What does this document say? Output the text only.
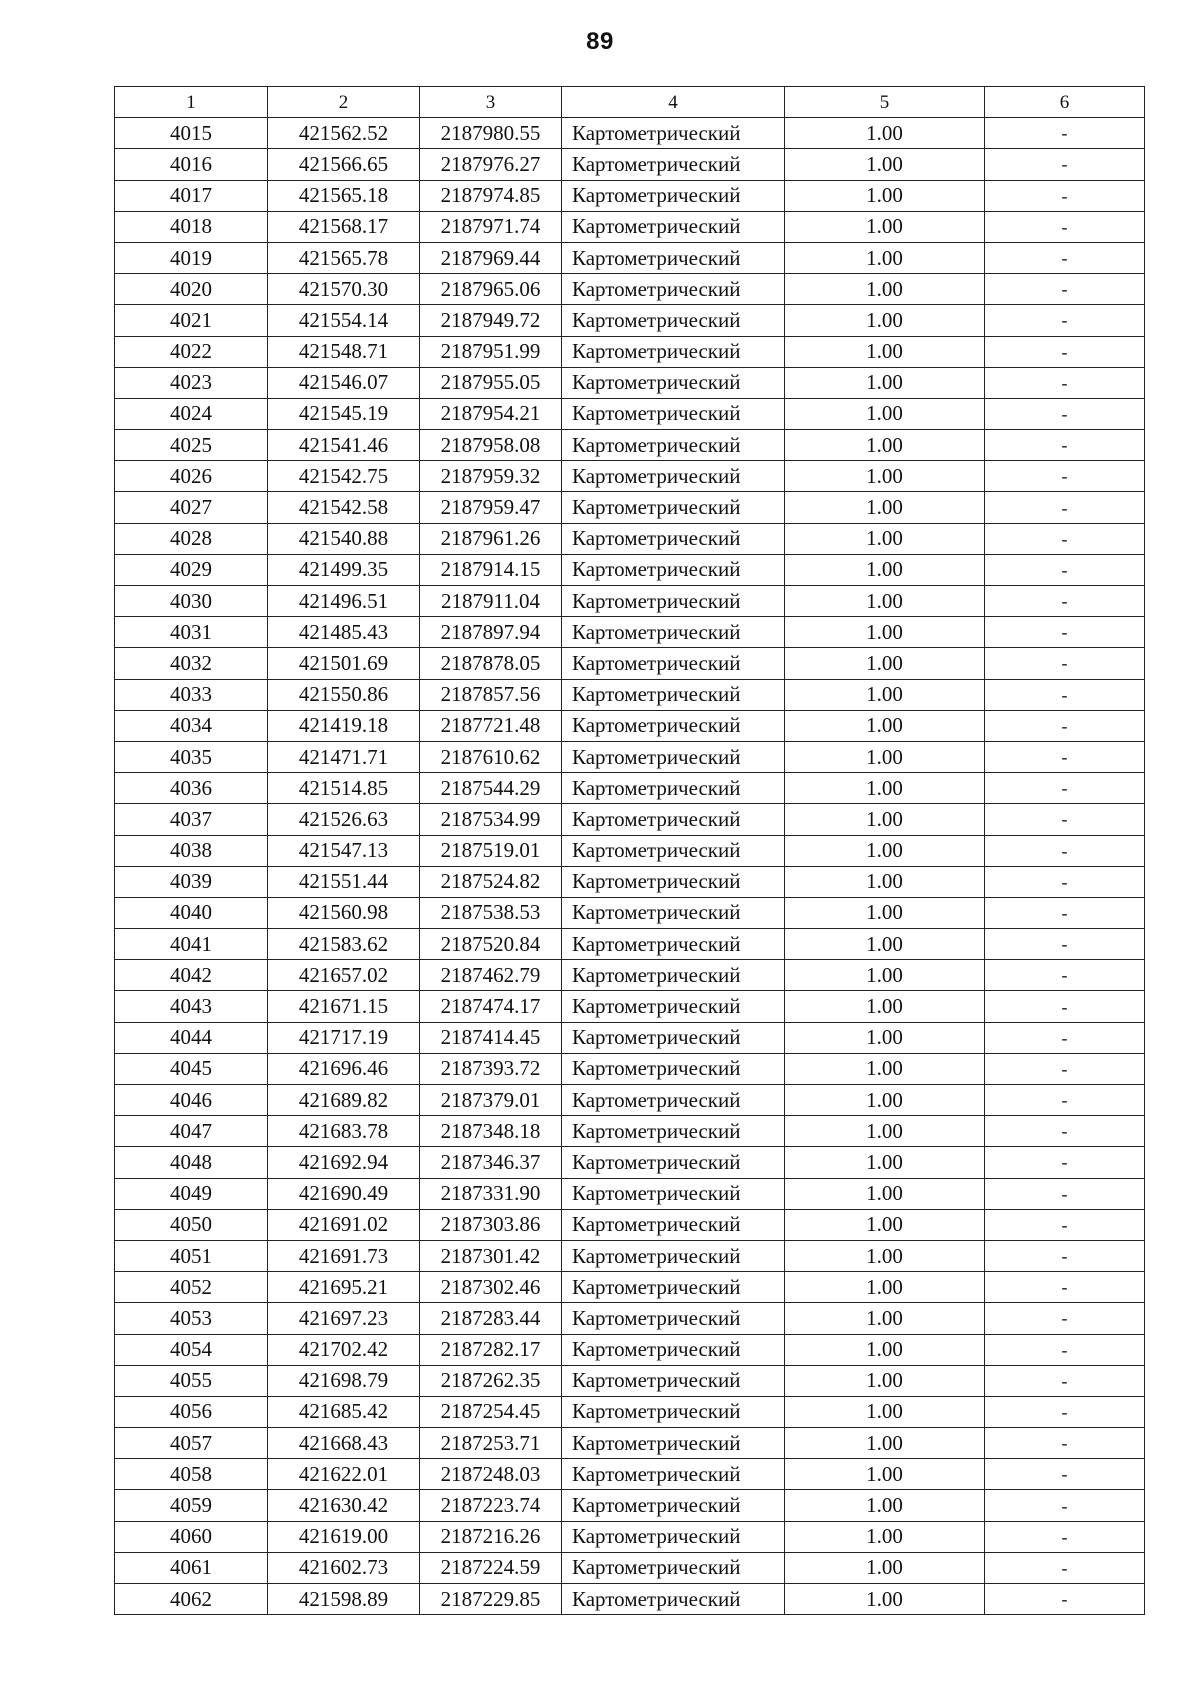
89
1	2	3	4	5	6
4015	421562.52	2187980.55	Картометрический	1.00	-
4016	421566.65	2187976.27	Картометрический	1.00	-
4017	421565.18	2187974.85	Картометрический	1.00	-
4018	421568.17	2187971.74	Картометрический	1.00	-
4019	421565.78	2187969.44	Картометрический	1.00	-
4020	421570.30	2187965.06	Картометрический	1.00	-
4021	421554.14	2187949.72	Картометрический	1.00	-
4022	421548.71	2187951.99	Картометрический	1.00	-
4023	421546.07	2187955.05	Картометрический	1.00	-
4024	421545.19	2187954.21	Картометрический	1.00	-
4025	421541.46	2187958.08	Картометрический	1.00	-
4026	421542.75	2187959.32	Картометрический	1.00	-
4027	421542.58	2187959.47	Картометрический	1.00	-
4028	421540.88	2187961.26	Картометрический	1.00	-
4029	421499.35	2187914.15	Картометрический	1.00	-
4030	421496.51	2187911.04	Картометрический	1.00	-
4031	421485.43	2187897.94	Картометрический	1.00	-
4032	421501.69	2187878.05	Картометрический	1.00	-
4033	421550.86	2187857.56	Картометрический	1.00	-
4034	421419.18	2187721.48	Картометрический	1.00	-
4035	421471.71	2187610.62	Картометрический	1.00	-
4036	421514.85	2187544.29	Картометрический	1.00	-
4037	421526.63	2187534.99	Картометрический	1.00	-
4038	421547.13	2187519.01	Картометрический	1.00	-
4039	421551.44	2187524.82	Картометрический	1.00	-
4040	421560.98	2187538.53	Картометрический	1.00	-
4041	421583.62	2187520.84	Картометрический	1.00	-
4042	421657.02	2187462.79	Картометрический	1.00	-
4043	421671.15	2187474.17	Картометрический	1.00	-
4044	421717.19	2187414.45	Картометрический	1.00	-
4045	421696.46	2187393.72	Картометрический	1.00	-
4046	421689.82	2187379.01	Картометрический	1.00	-
4047	421683.78	2187348.18	Картометрический	1.00	-
4048	421692.94	2187346.37	Картометрический	1.00	-
4049	421690.49	2187331.90	Картометрический	1.00	-
4050	421691.02	2187303.86	Картометрический	1.00	-
4051	421691.73	2187301.42	Картометрический	1.00	-
4052	421695.21	2187302.46	Картометрический	1.00	-
4053	421697.23	2187283.44	Картометрический	1.00	-
4054	421702.42	2187282.17	Картометрический	1.00	-
4055	421698.79	2187262.35	Картометрический	1.00	-
4056	421685.42	2187254.45	Картометрический	1.00	-
4057	421668.43	2187253.71	Картометрический	1.00	-
4058	421622.01	2187248.03	Картометрический	1.00	-
4059	421630.42	2187223.74	Картометрический	1.00	-
4060	421619.00	2187216.26	Картометрический	1.00	-
4061	421602.73	2187224.59	Картометрический	1.00	-
4062	421598.89	2187229.85	Картометрический	1.00	-
